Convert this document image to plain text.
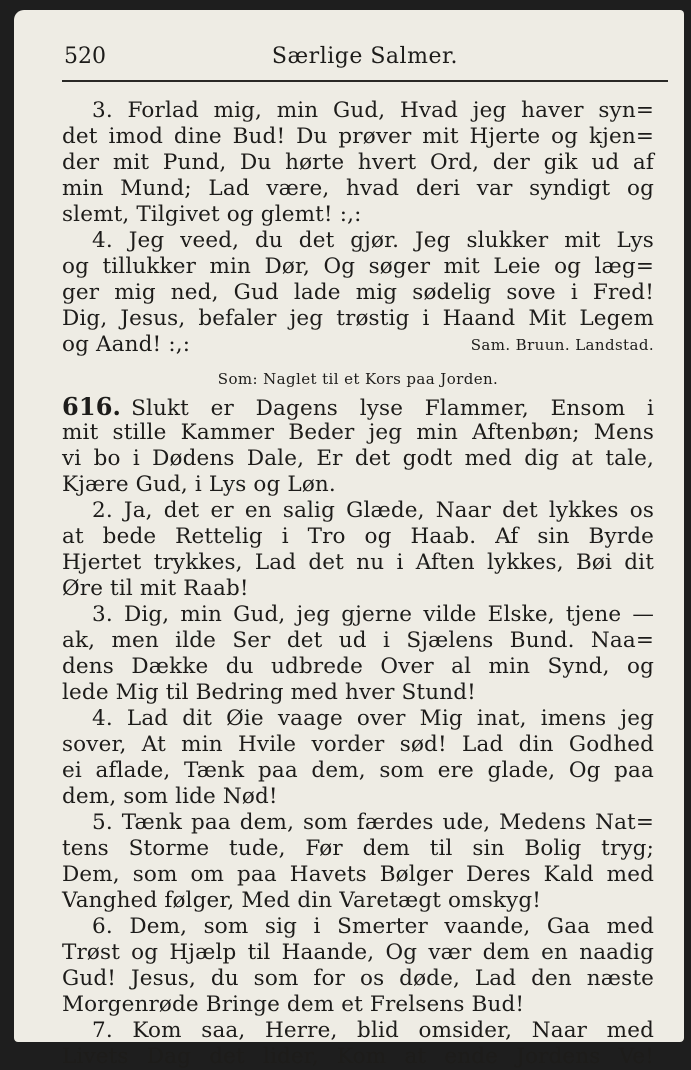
520	Særlige Salmer.
3. Forlad mig, min Gud, Hvad jeg haver syn=
det imod dine Bud! Du prøver mit Hjerte og kjen=
der mit Pund, Du hørte hvert Ord, der gik ud af
min Mund; Lad være, hvad deri var syndigt og
slemt, Tilgivet og glemt! :,:
4. Jeg veed, du det gjør. Jeg slukker mit Lys
og tillukker min Dør, Og søger mit Leie og læg=
ger mig ned, Gud lade mig sødelig sove i Fred!
Dig, Jesus, befaler jeg trøstig i Haand Mit Legem
og Aand! :,:	Sam. Bruun. Landstad.
Som: Naglet til et Kors paa Jorden.
616. Slukt er Dagens lyse Flammer, Ensom i
mit stille Kammer Beder jeg min Aftenbøn; Mens
vi bo i Dødens Dale, Er det godt med dig at tale,
Kjære Gud, i Lys og Løn.
2. Ja, det er en salig Glæde, Naar det lykkes os
at bede Rettelig i Tro og Haab. Af sin Byrde
Hjertet trykkes, Lad det nu i Aften lykkes, Bøi dit
Øre til mit Raab!
3. Dig, min Gud, jeg gjerne vilde Elske, tjene —
ak, men ilde Ser det ud i Sjælens Bund. Naa=
dens Dække du udbrede Over al min Synd, og
lede Mig til Bedring med hver Stund!
4. Lad dit Øie vaage over Mig inat, imens jeg
sover, At min Hvile vorder sød! Lad din Godhed
ei aflade, Tænk paa dem, som ere glade, Og paa
dem, som lide Nød!
5. Tænk paa dem, som færdes ude, Medens Nat=
tens Storme tude, Før dem til sin Bolig tryg;
Dem, som om paa Havets Bølger Deres Kald med
Vanghed følger, Med din Varetægt omskyg!
6. Dem, som sig i Smerter vaande, Gaa med
Trøst og Hjælp til Haande, Og vær dem en naadig
Gud! Jesus, du som for os døde, Lad den næste
Morgenrøde Bringe dem et Frelsens Bud!
7. Kom saa, Herre, blid omsider, Naar med
Livets Dag det lider, Kom at ende Jordens Ve!
